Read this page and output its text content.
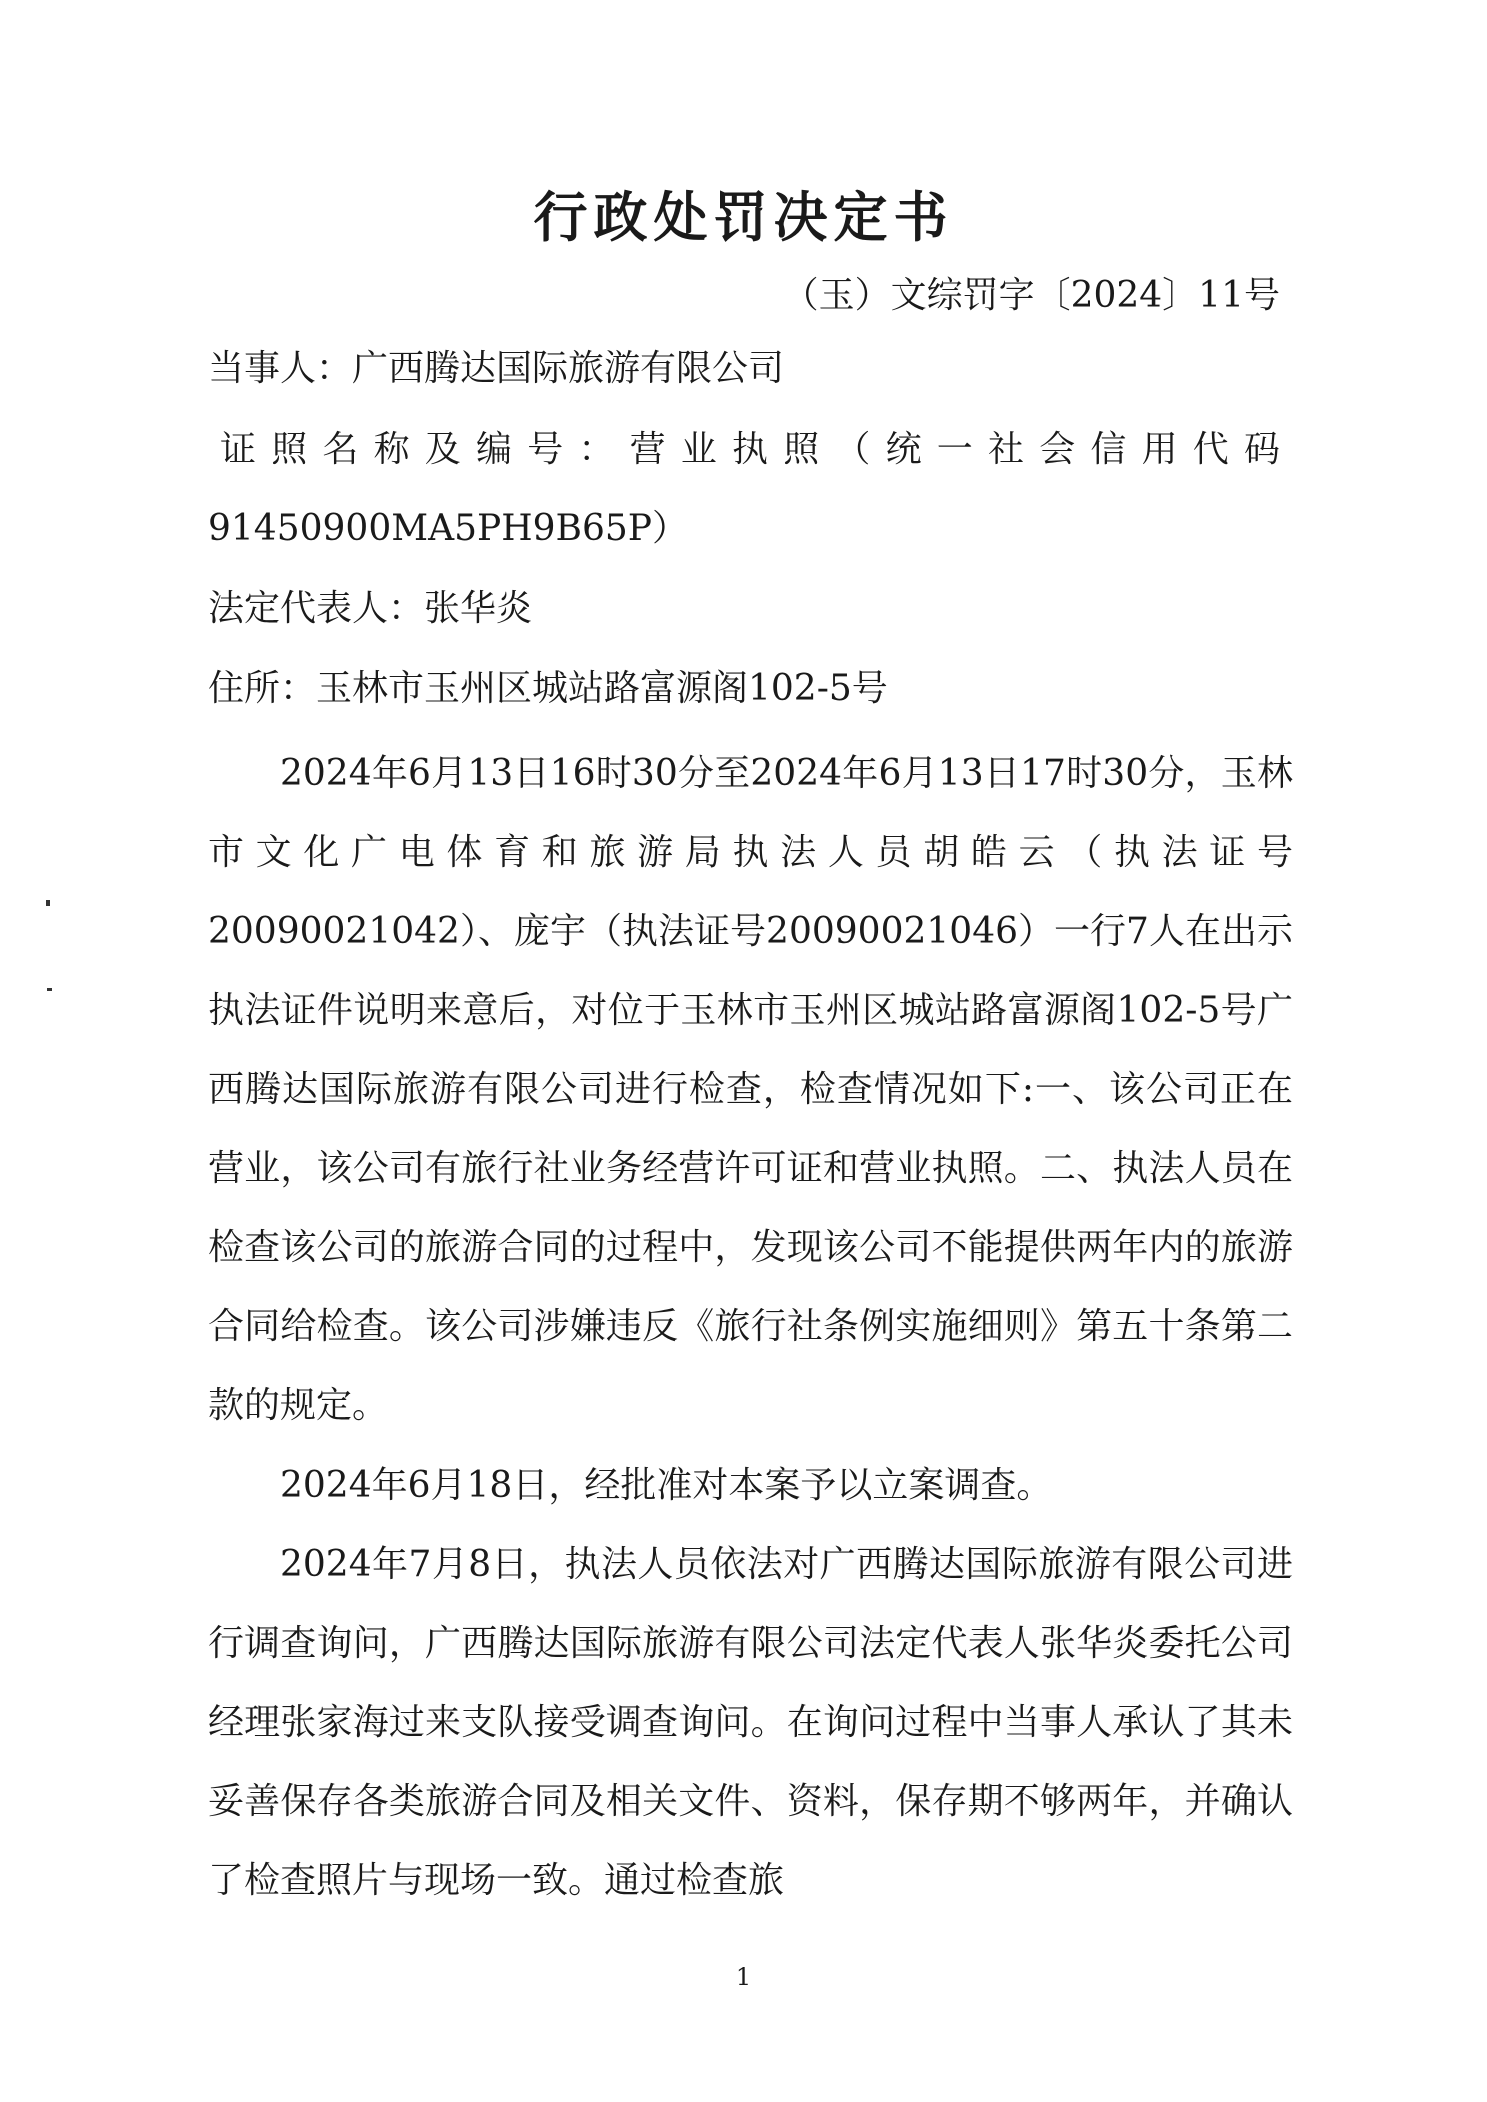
行政处罚决定书
（玉）文综罚字〔2024〕11号
当事人：广西腾达国际旅游有限公司
证照名称及编号：营业执照（统一社会信用代码
91450900MA5PH9B65P）
法定代表人：张华炎
住所：玉林市玉州区城站路富源阁102-5号
2024年6月13日16时30分至2024年6月13日17时30分，玉林市文化广电体育和旅游局执法人员胡皓云（执法证号20090021042）、庞宇（执法证号20090021046）一行7人在出示执法证件说明来意后，对位于玉林市玉州区城站路富源阁102-5号广西腾达国际旅游有限公司进行检查，检查情况如下:一、该公司正在营业，该公司有旅行社业务经营许可证和营业执照。二、执法人员在检查该公司的旅游合同的过程中，发现该公司不能提供两年内的旅游合同给检查。该公司涉嫌违反《旅行社条例实施细则》第五十条第二款的规定。
2024年6月18日，经批准对本案予以立案调查。
2024年7月8日，执法人员依法对广西腾达国际旅游有限公司进行调查询问，广西腾达国际旅游有限公司法定代表人张华炎委托公司经理张家海过来支队接受调查询问。在询问过程中当事人承认了其未妥善保存各类旅游合同及相关文件、资料，保存期不够两年，并确认了检查照片与现场一致。通过检查旅
1
